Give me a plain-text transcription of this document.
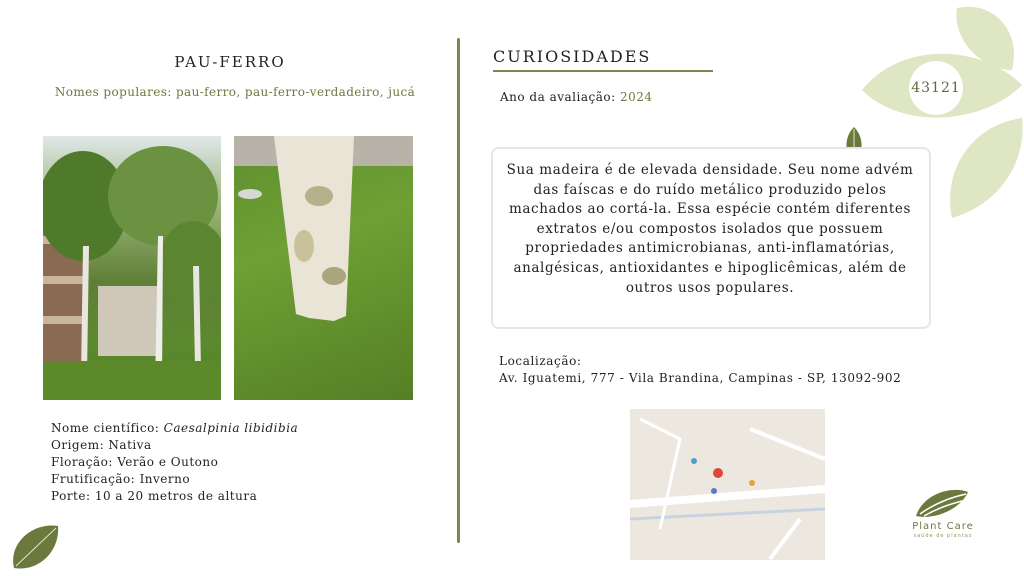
43121
PAU-FERRO
Nomes populares: pau-ferro, pau-ferro-verdadeiro, jucá
Nome científico: Caesalpinia libidibia
Origem: Nativa
Floração: Verão e Outono
Frutificação: Inverno
Porte: 10 a 20 metros de altura
CURIOSIDADES
Ano da avaliação: 2024
Sua madeira é de elevada densidade. Seu nome advém das faíscas e do ruído metálico produzido pelos machados ao cortá-la. Essa espécie contém diferentes extratos e/ou compostos isolados que possuem propriedades antimicrobianas, anti-inflamatórias, analgésicas, antioxidantes e hipoglicêmicas, além de outros usos populares.
Localização:
Av. Iguatemi, 777 - Vila Brandina, Campinas - SP, 13092-902
Plant Care
saúde de plantas
